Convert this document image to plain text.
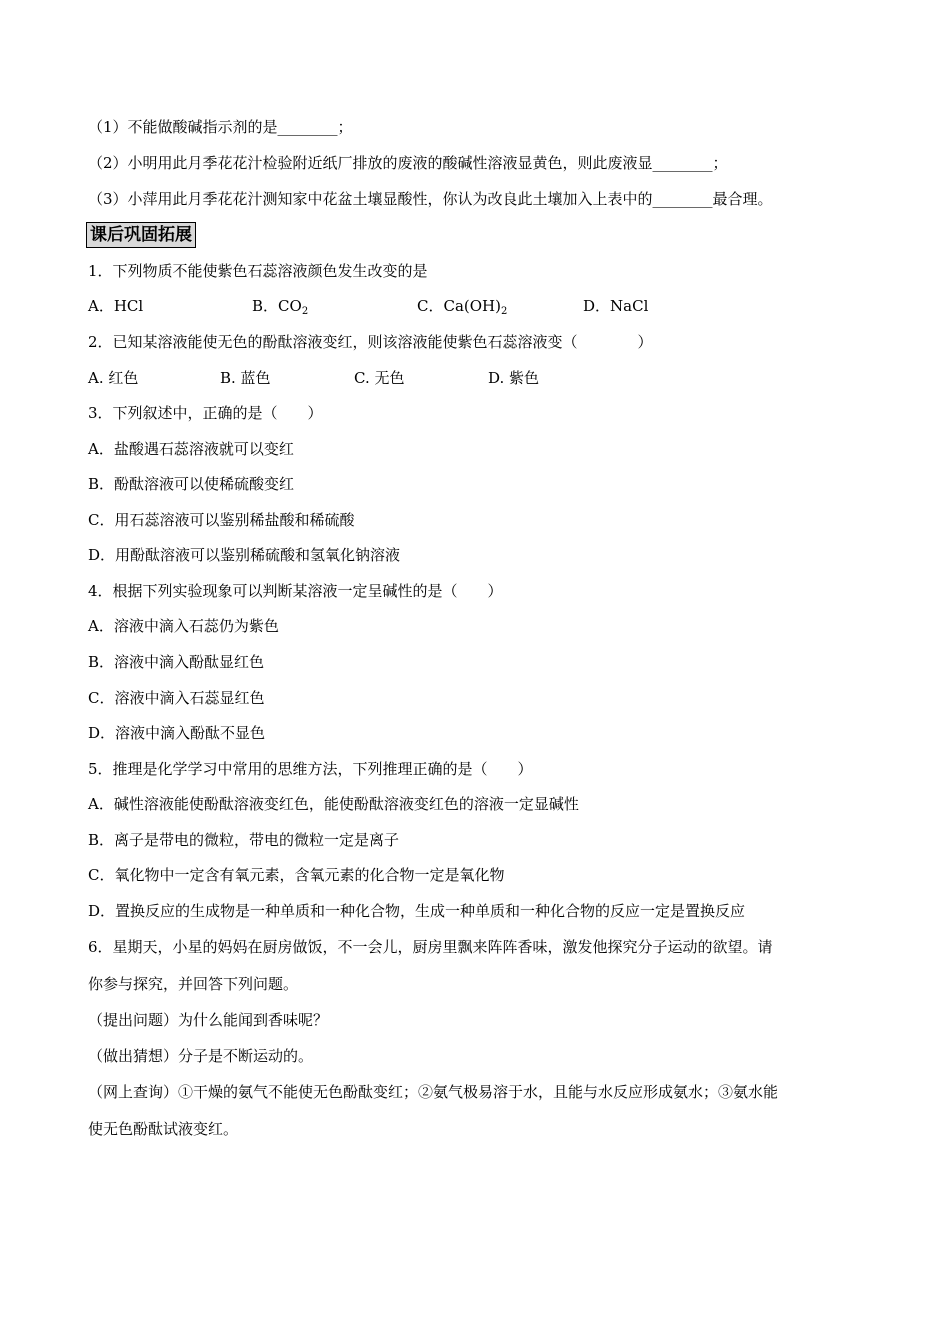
（1）不能做酸碱指示剂的是________；
（2）小明用此月季花花汁检验附近纸厂排放的废液的酸碱性溶液显黄色，则此废液显________；
（3）小萍用此月季花花汁测知家中花盆土壤显酸性，你认为改良此土壤加入上表中的________最合理。
课后巩固拓展
1．下列物质不能使紫色石蕊溶液颜色发生改变的是
A．HCl	B．$CO_2$	C．$Ca(OH)_2$	D．NaCl
2．已知某溶液能使无色的酚酞溶液变红，则该溶液能使紫色石蕊溶液变（　　　　）
A. 红色	B. 蓝色	C. 无色	D. 紫色
3．下列叙述中，正确的是（　　）
A．盐酸遇石蕊溶液就可以变红
B．酚酞溶液可以使稀硫酸变红
C．用石蕊溶液可以鉴别稀盐酸和稀硫酸
D．用酚酞溶液可以鉴别稀硫酸和氢氧化钠溶液
4．根据下列实验现象可以判断某溶液一定呈碱性的是（　　）
A．溶液中滴入石蕊仍为紫色
B．溶液中滴入酚酞显红色
C．溶液中滴入石蕊显红色
D．溶液中滴入酚酞不显色
5．推理是化学学习中常用的思维方法，下列推理正确的是（　　）
A．碱性溶液能使酚酞溶液变红色，能使酚酞溶液变红色的溶液一定显碱性
B．离子是带电的微粒，带电的微粒一定是离子
C．氧化物中一定含有氧元素，含氧元素的化合物一定是氧化物
D．置换反应的生成物是一种单质和一种化合物，生成一种单质和一种化合物的反应一定是置换反应
6．星期天，小星的妈妈在厨房做饭，不一会儿，厨房里飘来阵阵香味，激发他探究分子运动的欲望。请
你参与探究，并回答下列问题。
（提出问题）为什么能闻到香味呢？
（做出猜想）分子是不断运动的。
（网上查询）①干燥的氨气不能使无色酚酞变红；②氨气极易溶于水，且能与水反应形成氨水；③氨水能
使无色酚酞试液变红。
